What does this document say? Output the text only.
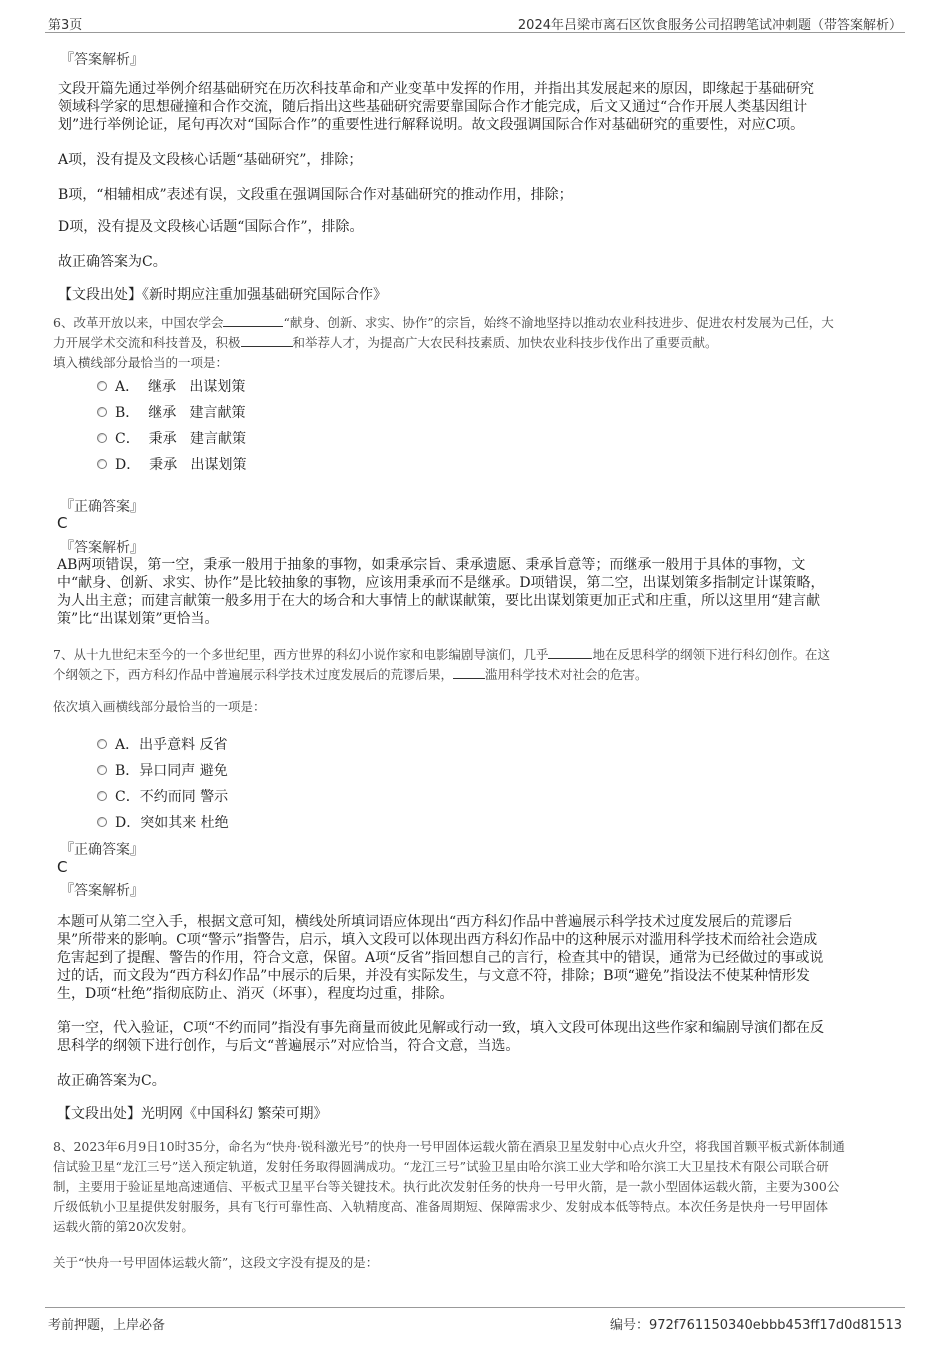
第3页	2024年吕梁市离石区饮食服务公司招聘笔试冲刺题（带答案解析）
『答案解析』
文段开篇先通过举例介绍基础研究在历次科技革命和产业变革中发挥的作用，并指出其发展起来的原因，即缘起于基础研究
领域科学家的思想碰撞和合作交流，随后指出这些基础研究需要靠国际合作才能完成，后文又通过“合作开展人类基因组计
划”进行举例论证，尾句再次对“国际合作”的重要性进行解释说明。故文段强调国际合作对基础研究的重要性，对应C项。
A项，没有提及文段核心话题“基础研究”，排除；
B项，“相辅相成”表述有误，文段重在强调国际合作对基础研究的推动作用，排除；
D项，没有提及文段核心话题“国际合作”，排除。
故正确答案为C。
【文段出处】《新时期应注重加强基础研究国际合作》
6、改革开放以来，中国农学会	“献身、创新、求实、协作”的宗旨，始终不渝地坚持以推动农业科技进步、促进农村发展为己任，大
力开展学术交流和科技普及，积极	和举荐人才，为提高广大农民科技素质、加快农业科技步伐作出了重要贡献。
填入横线部分最恰当的一项是：
A．  继承   出谋划策
B．  继承   建言献策
C．  秉承   建言献策
D．  秉承   出谋划策
『正确答案』
C
『答案解析』
AB两项错误，第一空，秉承一般用于抽象的事物，如秉承宗旨、秉承遗愿、秉承旨意等；而继承一般用于具体的事物，文
中“献身、创新、求实、协作”是比较抽象的事物，应该用秉承而不是继承。D项错误，第二空，出谋划策多指制定计谋策略，
为人出主意；而建言献策一般多用于在大的场合和大事情上的献谋献策，要比出谋划策更加正式和庄重，所以这里用“建言献
策”比“出谋划策”更恰当。
7、从十九世纪末至今的一个多世纪里，西方世界的科幻小说作家和电影编剧导演们，几乎	地在反思科学的纲领下进行科幻创作。在这
个纲领之下，西方科幻作品中普遍展示科学技术过度发展后的荒谬后果，	滥用科学技术对社会的危害。
依次填入画横线部分最恰当的一项是：
A．出乎意料 反省
B．异口同声 避免
C．不约而同 警示
D．突如其来 杜绝
『正确答案』
C
『答案解析』
本题可从第二空入手，根据文意可知，横线处所填词语应体现出“西方科幻作品中普遍展示科学技术过度发展后的荒谬后
果”所带来的影响。C项“警示”指警告，启示，填入文段可以体现出西方科幻作品中的这种展示对滥用科学技术而给社会造成
危害起到了提醒、警告的作用，符合文意，保留。A项“反省”指回想自己的言行，检查其中的错误，通常为已经做过的事或说
过的话，而文段为“西方科幻作品”中展示的后果，并没有实际发生，与文意不符，排除；B项“避免”指设法不使某种情形发
生，D项“杜绝”指彻底防止、消灭（坏事），程度均过重，排除。
第一空，代入验证，C项“不约而同”指没有事先商量而彼此见解或行动一致，填入文段可体现出这些作家和编剧导演们都在反
思科学的纲领下进行创作，与后文“普遍展示”对应恰当，符合文意，当选。
故正确答案为C。
【文段出处】光明网《中国科幻 繁荣可期》
8、2023年6月9日10时35分，命名为“快舟·锐科激光号”的快舟一号甲固体运载火箭在酒泉卫星发射中心点火升空，将我国首颗平板式新体制通
信试验卫星“龙江三号”送入预定轨道，发射任务取得圆满成功。“龙江三号”试验卫星由哈尔滨工业大学和哈尔滨工大卫星技术有限公司联合研
制，主要用于验证星地高速通信、平板式卫星平台等关键技术。执行此次发射任务的快舟一号甲火箭，是一款小型固体运载火箭，主要为300公
斤级低轨小卫星提供发射服务，具有飞行可靠性高、入轨精度高、准备周期短、保障需求少、发射成本低等特点。本次任务是快舟一号甲固体
运载火箭的第20次发射。
关于“快舟一号甲固体运载火箭”，这段文字没有提及的是：
考前押题，上岸必备	编号：972f761150340ebbb453ff17d0d81513
